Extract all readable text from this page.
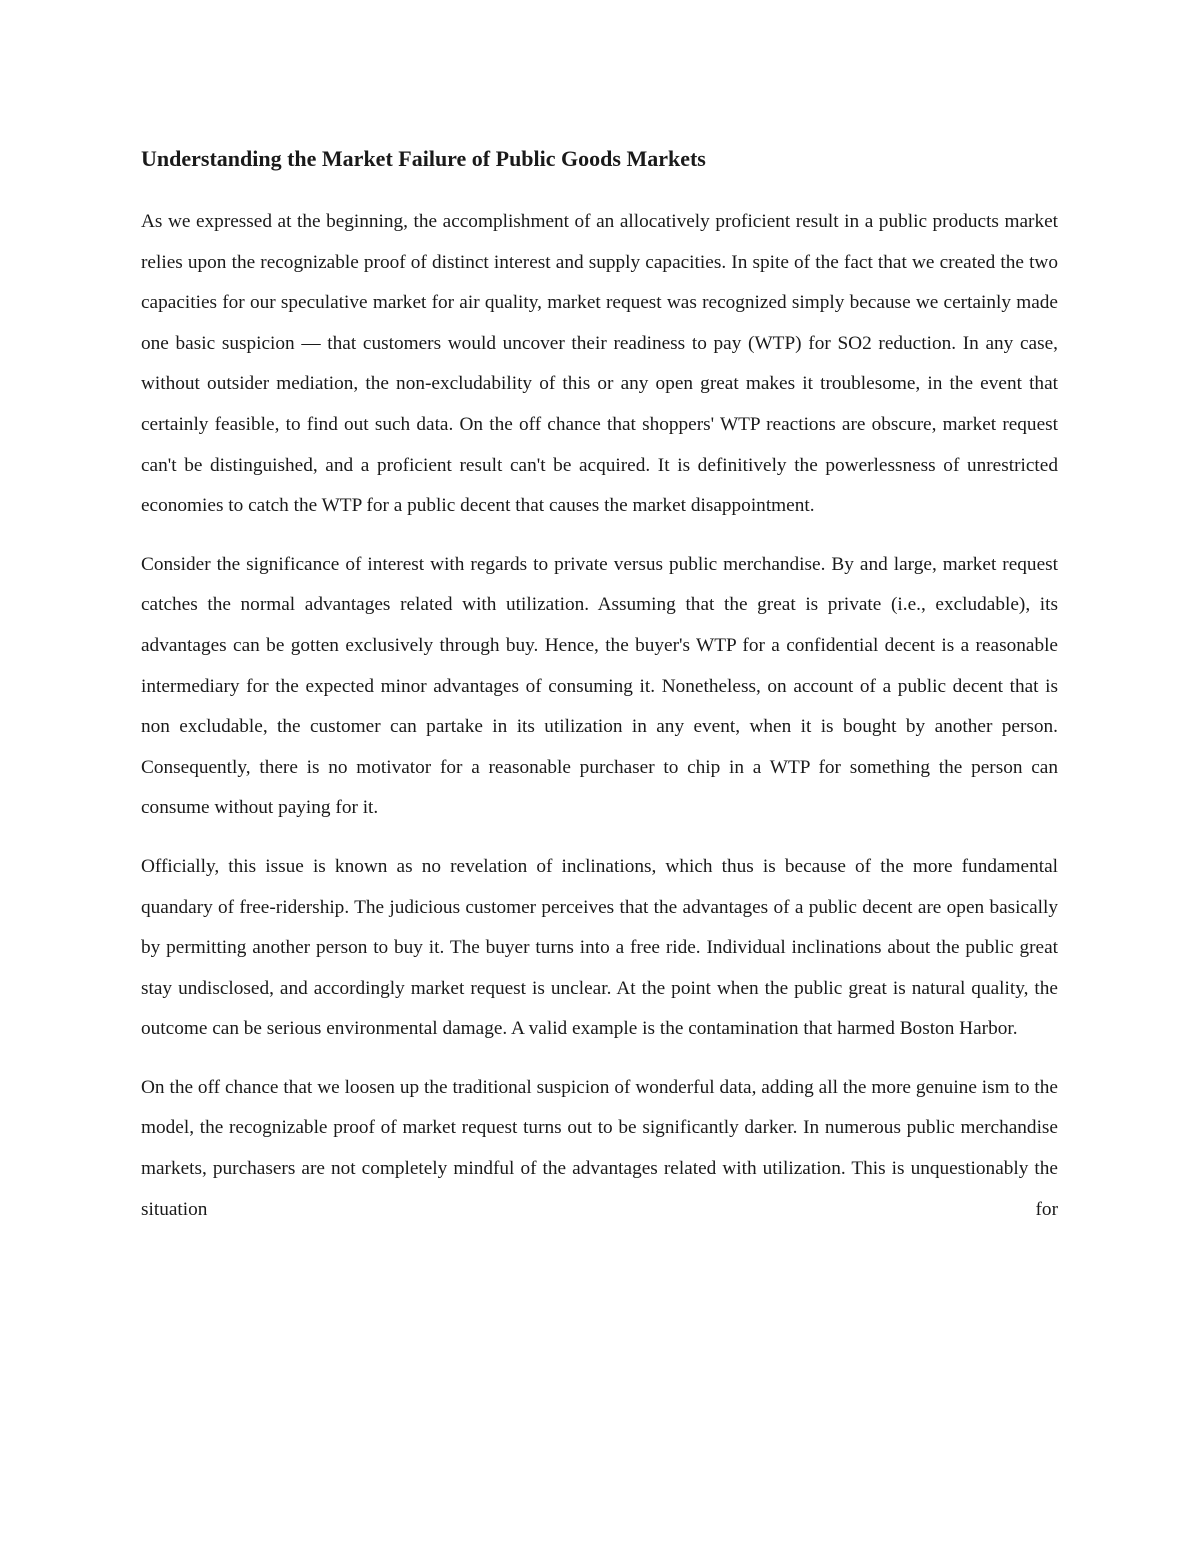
Understanding the Market Failure of Public Goods Markets

As we expressed at the beginning, the accomplishment of an allocatively proficient result in a public products market relies upon the recognizable proof of distinct interest and supply capacities. In spite of the fact that we created the two capacities for our speculative market for air quality, market request was recognized simply because we certainly made one basic suspicion — that customers would uncover their readiness to pay (WTP) for SO2 reduction. In any case, without outsider mediation, the non-excludability of this or any open great makes it troublesome, in the event that certainly feasible, to find out such data. On the off chance that shoppers' WTP reactions are obscure, market request can't be distinguished, and a proficient result can't be acquired. It is definitively the powerlessness of unrestricted economies to catch the WTP for a public decent that causes the market disappointment.

Consider the significance of interest with regards to private versus public merchandise. By and large, market request catches the normal advantages related with utilization. Assuming that the great is private (i.e., excludable), its advantages can be gotten exclusively through buy. Hence, the buyer's WTP for a confidential decent is a reasonable intermediary for the expected minor advantages of consuming it. Nonetheless, on account of a public decent that is non excludable, the customer can partake in its utilization in any event, when it is bought by another person. Consequently, there is no motivator for a reasonable purchaser to chip in a WTP for something the person can consume without paying for it.

Officially, this issue is known as no revelation of inclinations, which thus is because of the more fundamental quandary of free-ridership. The judicious customer perceives that the advantages of a public decent are open basically by permitting another person to buy it. The buyer turns into a free ride. Individual inclinations about the public great stay undisclosed, and accordingly market request is unclear. At the point when the public great is natural quality, the outcome can be serious environmental damage. A valid example is the contamination that harmed Boston Harbor.

On the off chance that we loosen up the traditional suspicion of wonderful data, adding all the more genuine ism to the model, the recognizable proof of market request turns out to be significantly darker. In numerous public merchandise markets, purchasers are not completely mindful of the advantages related with utilization. This is unquestionably the situation for
